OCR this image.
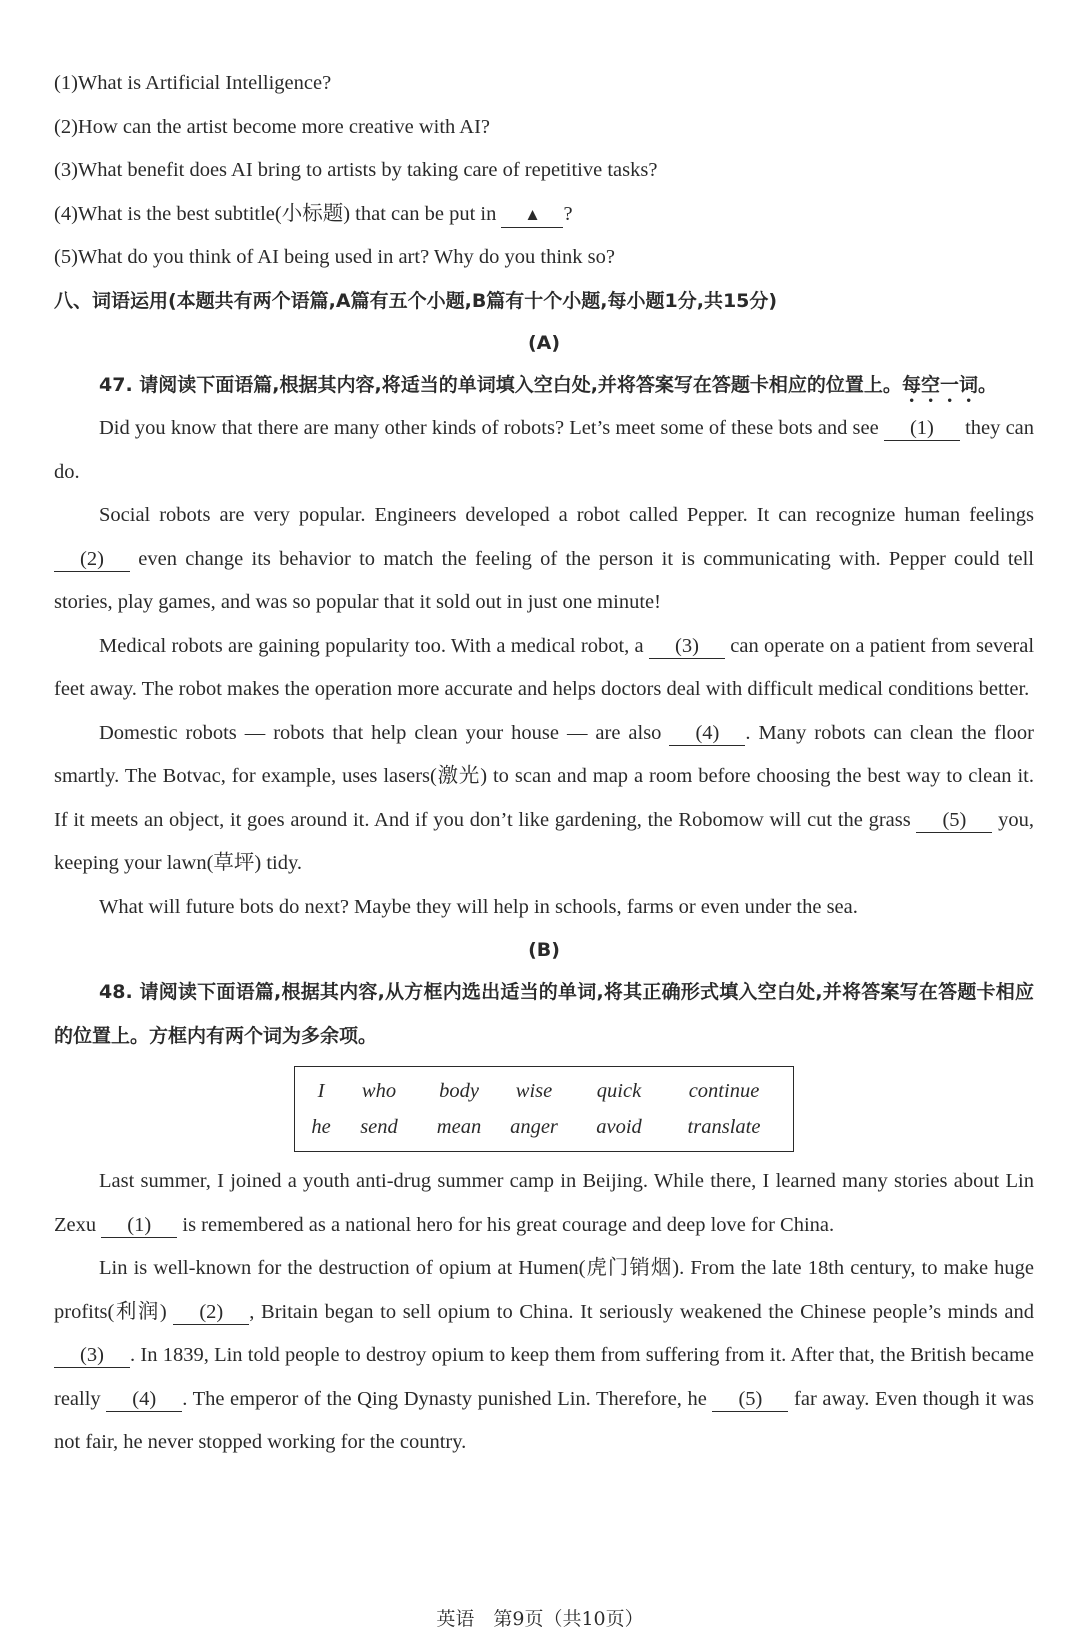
(1)What is Artificial Intelligence?

(2)How can the artist become more creative with AI?

(3)What benefit does AI bring to artists by taking care of repetitive tasks?

(4)What is the best subtitle(小标题) that can be put in ▲ ?

(5)What do you think of AI being used in art? Why do you think so?

八、词语运用(本题共有两个语篇,A篇有五个小题,B篇有十个小题,每小题1分,共15分)

(A)

47. 请阅读下面语篇,根据其内容,将适当的单词填入空白处,并将答案写在答题卡相应的位置上。每空一词。

Did you know that there are many other kinds of robots? Let’s meet some of these bots and see (1) they can do.

Social robots are very popular. Engineers developed a robot called Pepper. It can recognize human feelings (2) even change its behavior to match the feeling of the person it is communicating with. Pepper could tell stories, play games, and was so popular that it sold out in just one minute!

Medical robots are gaining popularity too. With a medical robot, a (3) can operate on a patient from several feet away. The robot makes the operation more accurate and helps doctors deal with difficult medical conditions better.

Domestic robots — robots that help clean your house — are also (4) . Many robots can clean the floor smartly. The Botvac, for example, uses lasers(激光) to scan and map a room before choosing the best way to clean it. If it meets an object, it goes around it. And if you don’t like gardening, the Robomow will cut the grass (5) you, keeping your lawn(草坪) tidy.

What will future bots do next? Maybe they will help in schools, farms or even under the sea.

(B)

48. 请阅读下面语篇,根据其内容,从方框内选出适当的单词,将其正确形式填入空白处,并将答案写在答题卡相应的位置上。方框内有两个词为多余项。

I	who	body	wise	quick	continue
he	send	mean	anger	avoid	translate

Last summer, I joined a youth anti-drug summer camp in Beijing. While there, I learned many stories about Lin Zexu (1) is remembered as a national hero for his great courage and deep love for China.

Lin is well-known for the destruction of opium at Humen(虎门销烟). From the late 18th century, to make huge profits(利润) (2) , Britain began to sell opium to China. It seriously weakened the Chinese people’s minds and (3) . In 1839, Lin told people to destroy opium to keep them from suffering from it. After that, the British became really (4) . The emperor of the Qing Dynasty punished Lin. Therefore, he (5) far away. Even though it was not fair, he never stopped working for the country.

英语　第9页（共10页）
